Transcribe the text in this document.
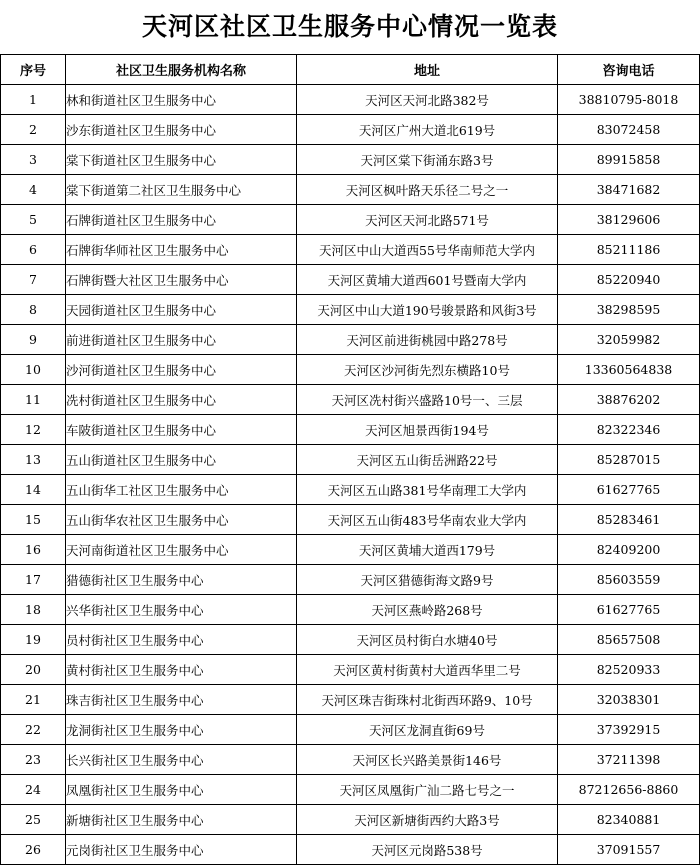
天河区社区卫生服务中心情况一览表
序号	社区卫生服务机构名称	地址	咨询电话
1	林和街道社区卫生服务中心	天河区天河北路382号	38810795-8018
2	沙东街道社区卫生服务中心	天河区广州大道北619号	83072458
3	棠下街道社区卫生服务中心	天河区棠下街涌东路3号	89915858
4	棠下街道第二社区卫生服务中心	天河区枫叶路天乐径二号之一	38471682
5	石牌街道社区卫生服务中心	天河区天河北路571号	38129606
6	石牌街华师社区卫生服务中心	天河区中山大道西55号华南师范大学内	85211186
7	石牌街暨大社区卫生服务中心	天河区黄埔大道西601号暨南大学内	85220940
8	天园街道社区卫生服务中心	天河区中山大道190号骏景路和风街3号	38298595
9	前进街道社区卫生服务中心	天河区前进街桃园中路278号	32059982
10	沙河街道社区卫生服务中心	天河区沙河街先烈东横路10号	13360564838
11	冼村街道社区卫生服务中心	天河区冼村街兴盛路10号一、三层	38876202
12	车陂街道社区卫生服务中心	天河区旭景西街194号	82322346
13	五山街道社区卫生服务中心	天河区五山街岳洲路22号	85287015
14	五山街华工社区卫生服务中心	天河区五山路381号华南理工大学内	61627765
15	五山街华农社区卫生服务中心	天河区五山街483号华南农业大学内	85283461
16	天河南街道社区卫生服务中心	天河区黄埔大道西179号	82409200
17	猎德街社区卫生服务中心	天河区猎德街海文路9号	85603559
18	兴华街社区卫生服务中心	天河区燕岭路268号	61627765
19	员村街社区卫生服务中心	天河区员村街白水塘40号	85657508
20	黄村街社区卫生服务中心	天河区黄村街黄村大道西华里二号	82520933
21	珠吉街社区卫生服务中心	天河区珠吉街珠村北街西环路9、10号	32038301
22	龙洞街社区卫生服务中心	天河区龙洞直街69号	37392915
23	长兴街社区卫生服务中心	天河区长兴路美景街146号	37211398
24	凤凰街社区卫生服务中心	天河区凤凰街广汕二路七号之一	87212656-8860
25	新塘街社区卫生服务中心	天河区新塘街西约大路3号	82340881
26	元岗街社区卫生服务中心	天河区元岗路538号	37091557
